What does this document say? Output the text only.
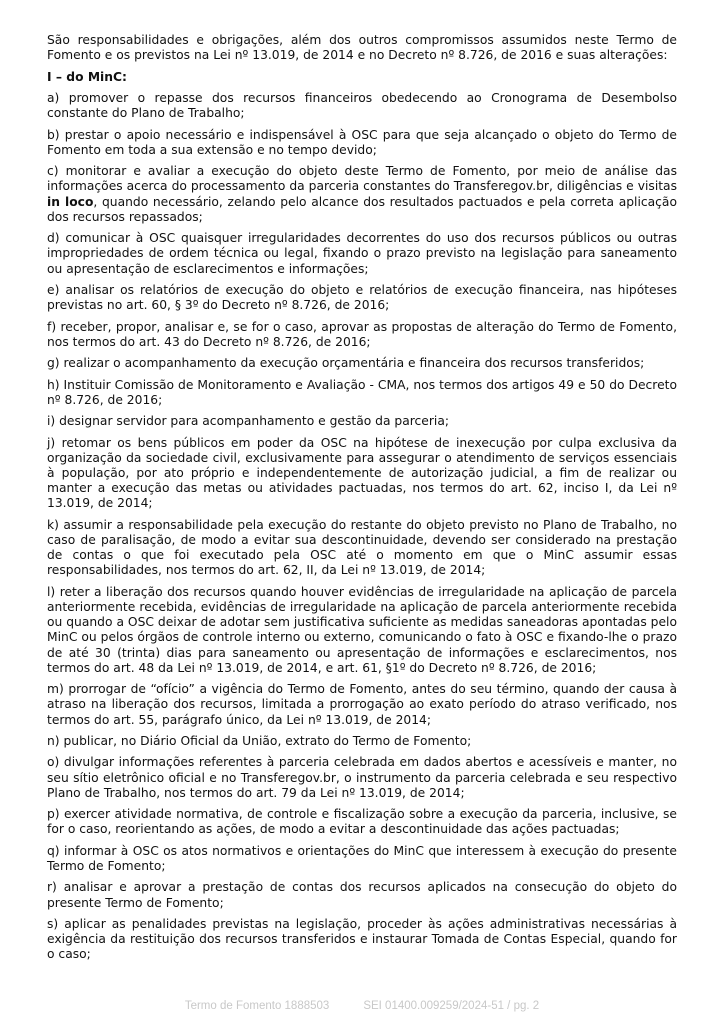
São responsabilidades e obrigações, além dos outros compromissos assumidos neste Termo de Fomento e os previstos na Lei nº 13.019, de 2014 e no Decreto nº 8.726, de 2016 e suas alterações:

I – do MinC:

a) promover o repasse dos recursos financeiros obedecendo ao Cronograma de Desembolso constante do Plano de Trabalho;

b) prestar o apoio necessário e indispensável à OSC para que seja alcançado o objeto do Termo de Fomento em toda a sua extensão e no tempo devido;

c) monitorar e avaliar a execução do objeto deste Termo de Fomento, por meio de análise das informações acerca do processamento da parceria constantes do Transferegov.br, diligências e visitas in loco, quando necessário, zelando pelo alcance dos resultados pactuados e pela correta aplicação dos recursos repassados;

d) comunicar à OSC quaisquer irregularidades decorrentes do uso dos recursos públicos ou outras impropriedades de ordem técnica ou legal, fixando o prazo previsto na legislação para saneamento ou apresentação de esclarecimentos e informações;

e) analisar os relatórios de execução do objeto e relatórios de execução financeira, nas hipóteses previstas no art. 60, § 3º do Decreto nº 8.726, de 2016;

f) receber, propor, analisar e, se for o caso, aprovar as propostas de alteração do Termo de Fomento, nos termos do art. 43 do Decreto nº 8.726, de 2016;

g) realizar o acompanhamento da execução orçamentária e financeira dos recursos transferidos;

h) Instituir Comissão de Monitoramento e Avaliação - CMA, nos termos dos artigos 49 e 50 do Decreto nº 8.726, de 2016;

i) designar servidor para acompanhamento e gestão da parceria;

j) retomar os bens públicos em poder da OSC na hipótese de inexecução por culpa exclusiva da organização da sociedade civil, exclusivamente para assegurar o atendimento de serviços essenciais à população, por ato próprio e independentemente de autorização judicial, a fim de realizar ou manter a execução das metas ou atividades pactuadas, nos termos do art. 62, inciso I, da Lei nº 13.019, de 2014;

k) assumir a responsabilidade pela execução do restante do objeto previsto no Plano de Trabalho, no caso de paralisação, de modo a evitar sua descontinuidade, devendo ser considerado na prestação de contas o que foi executado pela OSC até o momento em que o MinC assumir essas responsabilidades, nos termos do art. 62, II, da Lei nº 13.019, de 2014;

l) reter a liberação dos recursos quando houver evidências de irregularidade na aplicação de parcela anteriormente recebida, evidências de irregularidade na aplicação de parcela anteriormente recebida ou quando a OSC deixar de adotar sem justificativa suficiente as medidas saneadoras apontadas pelo MinC ou pelos órgãos de controle interno ou externo, comunicando o fato à OSC e fixando-lhe o prazo de até 30 (trinta) dias para saneamento ou apresentação de informações e esclarecimentos, nos termos do art. 48 da Lei nº 13.019, de 2014, e art. 61, §1º do Decreto nº 8.726, de 2016;

m) prorrogar de “ofício” a vigência do Termo de Fomento, antes do seu término, quando der causa à atraso na liberação dos recursos, limitada a prorrogação ao exato período do atraso verificado, nos termos do art. 55, parágrafo único, da Lei nº 13.019, de 2014;

n) publicar, no Diário Oficial da União, extrato do Termo de Fomento;

o) divulgar informações referentes à parceria celebrada em dados abertos e acessíveis e manter, no seu sítio eletrônico oficial e no Transferegov.br, o instrumento da parceria celebrada e seu respectivo Plano de Trabalho, nos termos do art. 79 da Lei nº 13.019, de 2014;

p) exercer atividade normativa, de controle e fiscalização sobre a execução da parceria, inclusive, se for o caso, reorientando as ações, de modo a evitar a descontinuidade das ações pactuadas;

q) informar à OSC os atos normativos e orientações do MinC que interessem à execução do presente Termo de Fomento;

r) analisar e aprovar a prestação de contas dos recursos aplicados na consecução do objeto do presente Termo de Fomento;

s) aplicar as penalidades previstas na legislação, proceder às ações administrativas necessárias à exigência da restituição dos recursos transferidos e instaurar Tomada de Contas Especial, quando for o caso;

Termo de Fomento 1888503	SEI 01400.009259/2024-51 / pg. 2
